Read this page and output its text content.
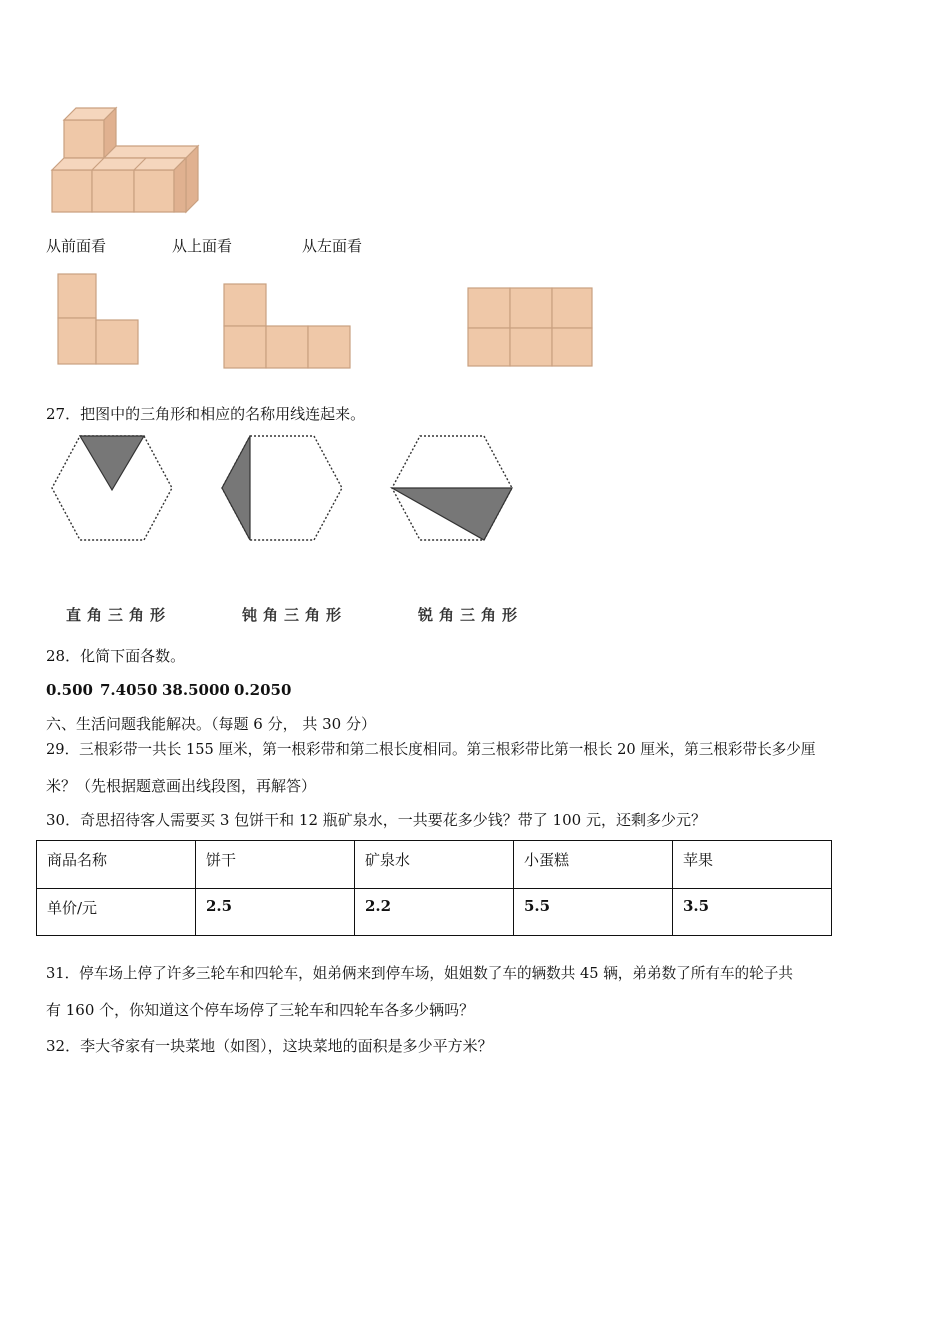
从前面看	从上面看	从左面看
27．把图中的三角形和相应的名称用线连起来。
直角三角形	钝角三角形	锐角三角形
28．化简下面各数。
0.500 7.4050 38.5000 0.2050
六、生活问题我能解决。（每题 6 分， 共 30 分）
29．三根彩带一共长 155 厘米，第一根彩带和第二根长度相同。第三根彩带比第一根长 20 厘米，第三根彩带长多少厘
米？（先根据题意画出线段图，再解答）
30．奇思招待客人需要买 3 包饼干和 12 瓶矿泉水，一共要花多少钱？带了 100 元，还剩多少元？
商品名称	饼干	矿泉水	小蛋糕	苹果
单价/元	2.5	2.2	5.5	3.5
31．停车场上停了许多三轮车和四轮车，姐弟俩来到停车场，姐姐数了车的辆数共 45 辆，弟弟数了所有车的轮子共
有 160 个，你知道这个停车场停了三轮车和四轮车各多少辆吗？
32．李大爷家有一块菜地（如图），这块菜地的面积是多少平方米？
